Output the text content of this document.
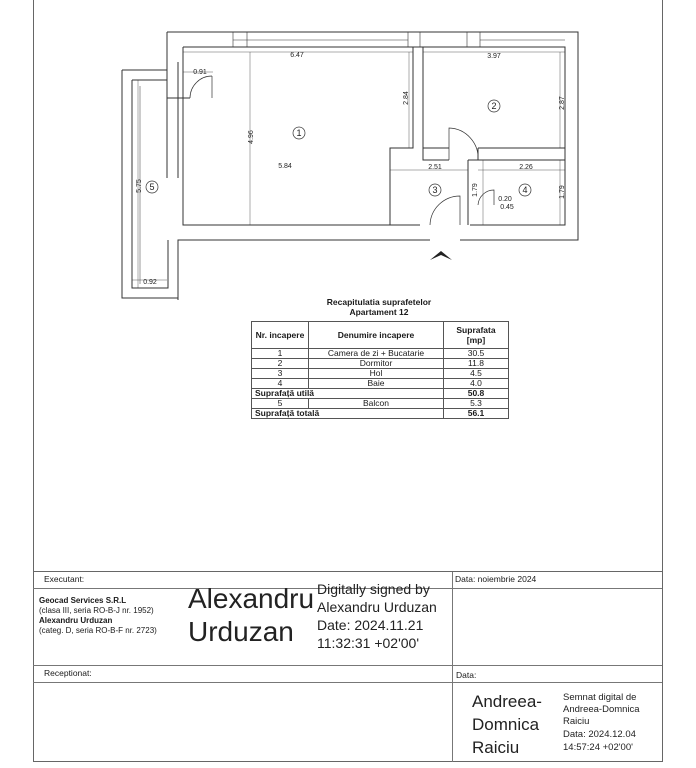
1
2
3	4
5
6.47	3.97
0.91
5.84	2.51	2.26
0.20
0.45
0.92
4.96
2.84	2.87
5.75	1.79	1.79
Recapitulatia suprafetelor
Apartament 12
Nr. incapere	Denumire incapere	Suprafata [mp]
1	Camera de zi + Bucatarie	30.5
2	Dormitor	11.8
3	Hol	4.5
4	Baie	4.0
Suprafață utilă		50.8
5	Balcon	5.3
Suprafață totală		56.1
Executant:
Geocad Services S.R.L
(clasa III, seria RO-B-J nr. 1952)
Alexandru Urduzan
(categ. D, seria RO-B-F nr. 2723)
Alexandru
Urduzan
Digitally signed by
Alexandru Urduzan
Date: 2024.11.21
11:32:31 +02'00'
Data: noiembrie 2024
Receptionat:	Data:
Andreea-
Domnica
Raiciu
Semnat digital de
Andreea-Domnica
Raiciu
Data: 2024.12.04
14:57:24 +02'00'
